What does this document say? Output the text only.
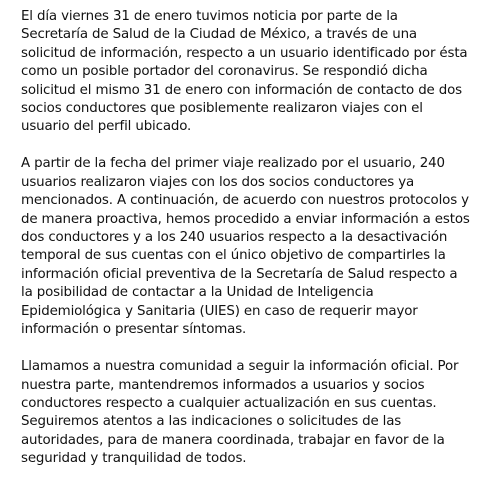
El día viernes 31 de enero tuvimos noticia por parte de la
Secretaría de Salud de la Ciudad de México, a través de una
solicitud de información, respecto a un usuario identificado por ésta
como un posible portador del coronavirus. Se respondió dicha
solicitud el mismo 31 de enero con información de contacto de dos
socios conductores que posiblemente realizaron viajes con el
usuario del perfil ubicado.

A partir de la fecha del primer viaje realizado por el usuario, 240
usuarios realizaron viajes con los dos socios conductores ya
mencionados. A continuación, de acuerdo con nuestros protocolos y
de manera proactiva, hemos procedido a enviar información a estos
dos conductores y a los 240 usuarios respecto a la desactivación
temporal de sus cuentas con el único objetivo de compartirles la
información oficial preventiva de la Secretaría de Salud respecto a
la posibilidad de contactar a la Unidad de Inteligencia
Epidemiológica y Sanitaria (UIES) en caso de requerir mayor
información o presentar síntomas.

Llamamos a nuestra comunidad a seguir la información oficial. Por
nuestra parte, mantendremos informados a usuarios y socios
conductores respecto a cualquier actualización en sus cuentas.
Seguiremos atentos a las indicaciones o solicitudes de las
autoridades, para de manera coordinada, trabajar en favor de la
seguridad y tranquilidad de todos.
